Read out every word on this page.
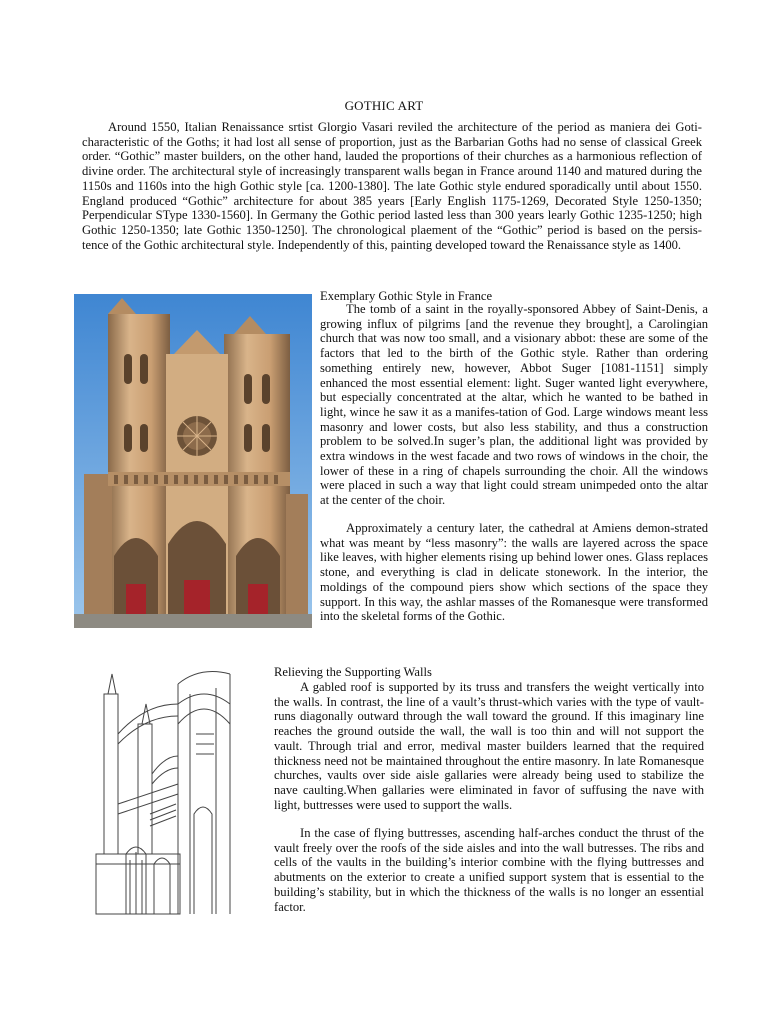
GOTHIC ART

Around 1550, Italian Renaissance srtist Glorgio Vasari reviled the architecture of the period as maniera dei Goti-characteristic of the Goths; it had lost all sense of proportion, just as the Barbarian Goths had no sense of classical Greek order. “Gothic” master builders, on the other hand, lauded the proportions of their churches as a harmonious reflection of divine order. The architectural style of increasingly transparent walls began in France around 1140 and matured during the 1150s and 1160s into the high Gothic style [ca. 1200-1380]. The late Gothic style endured sporadically until about 1550. England produced “Gothic” architecture for about 385 years [Early English 1175-1269, Decorated Style 1250-1350; Perpendicular SType 1330-1560]. In Germany the Gothic period lasted less than 300 years learly Gothic 1235-1250; high Gothic 1250-1350; late Gothic 1350-1250]. The chronological plaement of the “Gothic” period is based on the persis-tence of the Gothic architectural style. Independently of this, painting developed toward the Renaissance style as 1400.

Exemplary Gothic Style in France

The tomb of a saint in the royally-sponsored Abbey of Saint-Denis, a growing influx of pilgrims [and the revenue they brought], a Carolingian church that was now too small, and a visionary abbot: these are some of the factors that led to the birth of the Gothic style. Rather than ordering something entirely new, however, Abbot Suger [1081-1151] simply enhanced the most essential element: light. Suger wanted light everywhere, but especially concentrated at the altar, which he wanted to be bathed in light, wince he saw it as a manifes-tation of God. Large windows meant less masonry and lower costs, but also less stability, and thus a construction problem to be solved.In suger’s plan, the additional light was provided by extra windows in the west facade and two rows of windows in the choir, the lower of these in a ring of chapels surrounding the choir. All the windows were placed in such a way that light could stream unimpeded onto the altar at the center of the choir.

Approximately a century later, the cathedral at Amiens demon-strated what was meant by “less masonry”: the walls are layered across the space like leaves, with higher elements rising up behind lower ones. Glass replaces stone, and everything is clad in delicate stonework. In the interior, the moldings of the compound piers show which sections of the space they support. In this way, the ashlar masses of the Romanesque were transformed into the skeletal forms of the Gothic.

Relieving the Supporting Walls

A gabled roof is supported by its truss and transfers the weight vertically into the walls. In contrast, the line of a vault’s thrust-which varies with the type of vault-runs diagonally outward through the wall toward the ground. If this imaginary line reaches the ground outside the wall, the wall is too thin and will not support the vault. Through trial and error, medival master builders learned that the required thickness need not be maintained throughout the entire masonry. In late Romanesque churches, vaults over side aisle gallaries were already being used to stabilize the nave caulting.When gallaries were eliminated in favor of suffusing the nave with light, buttresses were used to support the walls.

In the case of flying buttresses, ascending half-arches conduct the thrust of the vault freely over the roofs of the side aisles and into the wall butresses. The ribs and cells of the vaults in the building’s interior combine with the flying buttresses and abutments on the exterior to create a unified support system that is essential to the building’s stability, but in which the thickness of the walls is no longer an essential factor.
